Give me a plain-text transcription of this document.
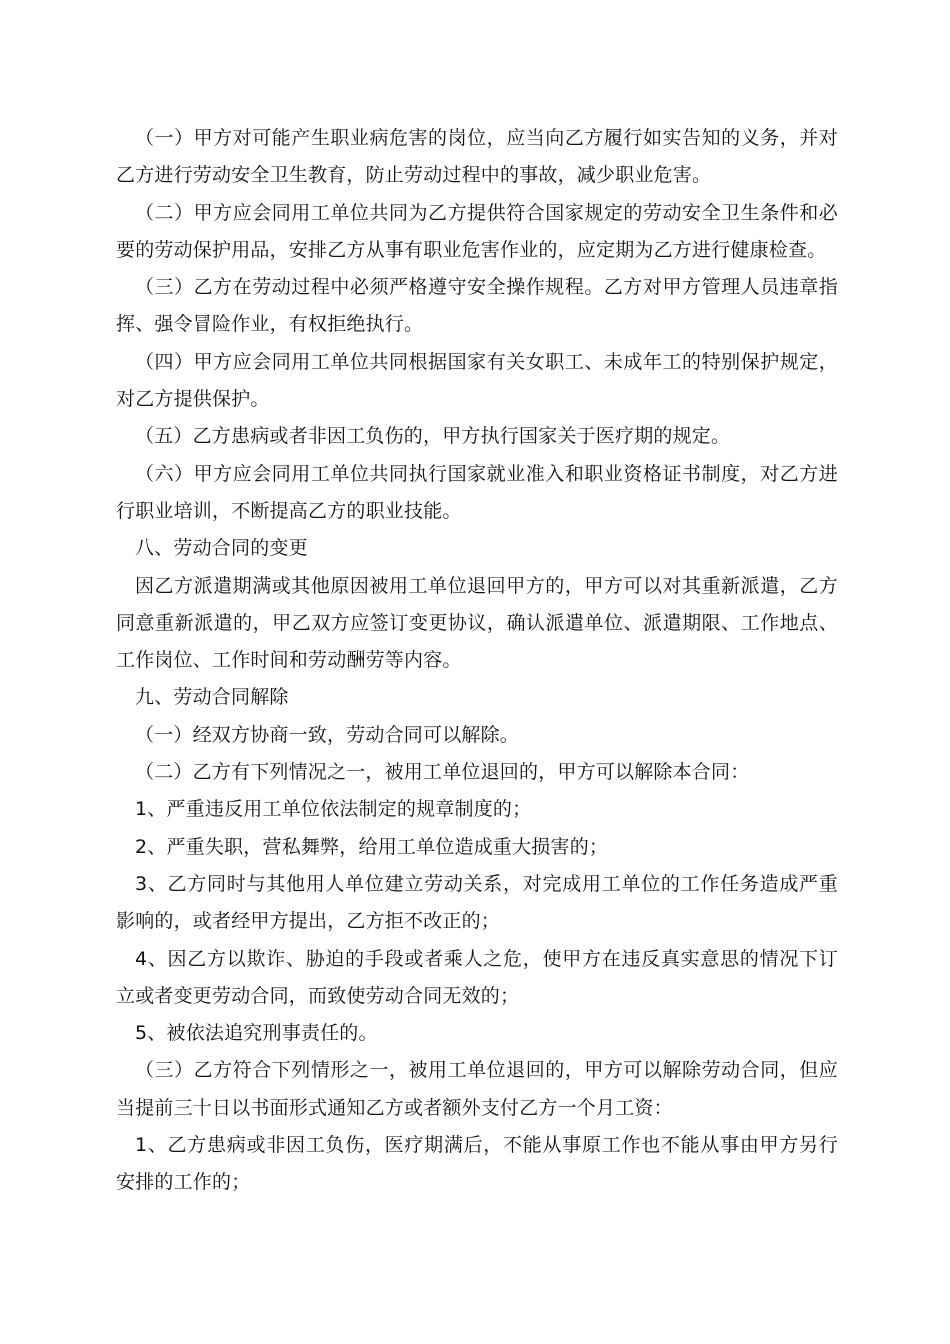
（一）甲方对可能产生职业病危害的岗位，应当向乙方履行如实告知的义务，并对乙方进行劳动安全卫生教育，防止劳动过程中的事故，减少职业危害。

（二）甲方应会同用工单位共同为乙方提供符合国家规定的劳动安全卫生条件和必要的劳动保护用品，安排乙方从事有职业危害作业的，应定期为乙方进行健康检查。

（三）乙方在劳动过程中必须严格遵守安全操作规程。乙方对甲方管理人员违章指挥、强令冒险作业，有权拒绝执行。

（四）甲方应会同用工单位共同根据国家有关女职工、未成年工的特别保护规定，对乙方提供保护。

（五）乙方患病或者非因工负伤的，甲方执行国家关于医疗期的规定。

（六）甲方应会同用工单位共同执行国家就业准入和职业资格证书制度，对乙方进行职业培训，不断提高乙方的职业技能。

八、劳动合同的变更

因乙方派遣期满或其他原因被用工单位退回甲方的，甲方可以对其重新派遣，乙方同意重新派遣的，甲乙双方应签订变更协议，确认派遣单位、派遣期限、工作地点、工作岗位、工作时间和劳动酬劳等内容。

九、劳动合同解除

（一）经双方协商一致，劳动合同可以解除。

（二）乙方有下列情况之一，被用工单位退回的，甲方可以解除本合同：

1、严重违反用工单位依法制定的规章制度的；

2、严重失职，营私舞弊，给用工单位造成重大损害的；

3、乙方同时与其他用人单位建立劳动关系，对完成用工单位的工作任务造成严重影响的，或者经甲方提出，乙方拒不改正的；

4、因乙方以欺诈、胁迫的手段或者乘人之危，使甲方在违反真实意思的情况下订立或者变更劳动合同，而致使劳动合同无效的；

5、被依法追究刑事责任的。

（三）乙方符合下列情形之一，被用工单位退回的，甲方可以解除劳动合同，但应当提前三十日以书面形式通知乙方或者额外支付乙方一个月工资：

1、乙方患病或非因工负伤，医疗期满后，不能从事原工作也不能从事由甲方另行安排的工作的；
